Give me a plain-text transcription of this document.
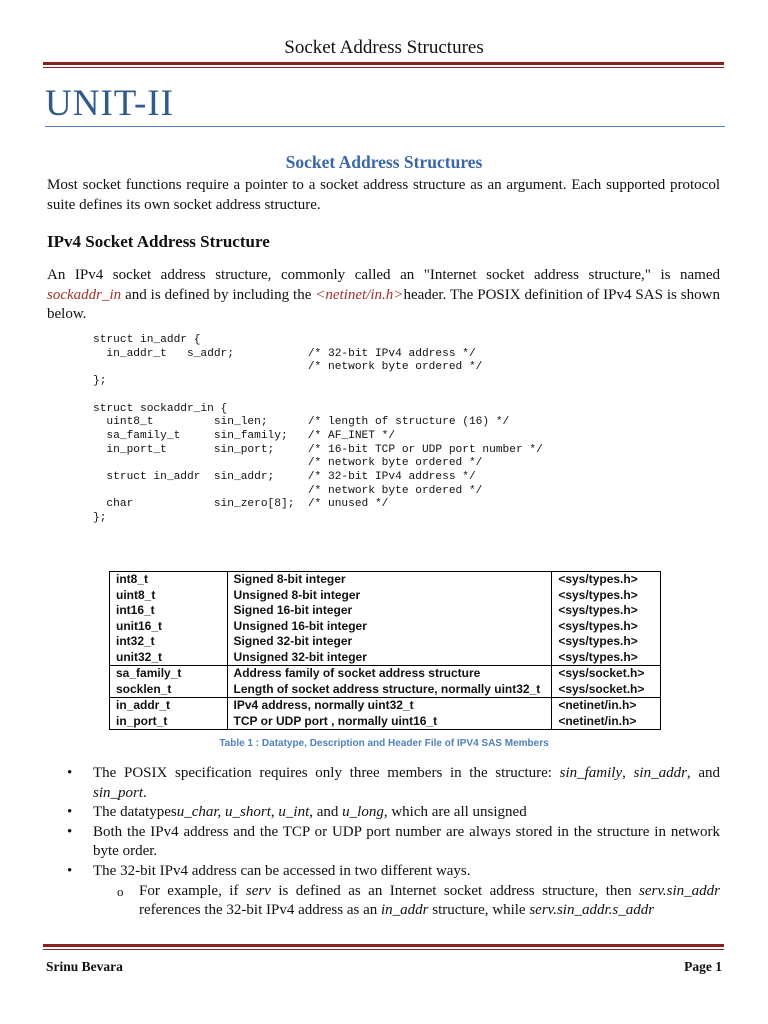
Socket Address Structures
UNIT-II
Socket Address Structures
Most socket functions require a pointer to a socket address structure as an argument. Each supported protocol suite defines its own socket address structure.
IPv4 Socket Address Structure
An IPv4 socket address structure, commonly called an "Internet socket address structure," is named sockaddr_in and is defined by including the <netinet/in.h>header. The POSIX definition of IPv4 SAS is shown below.
struct in_addr {
in_addr_t   s_addr;           /* 32-bit IPv4 address */
/* network byte ordered */
};

struct sockaddr_in {
uint8_t         sin_len;      /* length of structure (16) */
sa_family_t     sin_family;   /* AF_INET */
in_port_t       sin_port;     /* 16-bit TCP or UDP port number */
/* network byte ordered */
struct in_addr  sin_addr;     /* 32-bit IPv4 address */
/* network byte ordered */
char            sin_zero[8];  /* unused */
};
int8_t	Signed 8-bit integer	<sys/types.h>
uint8_t	Unsigned 8-bit integer	<sys/types.h>
int16_t	Signed 16-bit integer	<sys/types.h>
unit16_t	Unsigned 16-bit integer	<sys/types.h>
int32_t	Signed 32-bit integer	<sys/types.h>
unit32_t	Unsigned 32-bit integer	<sys/types.h>
sa_family_t	Address family of socket address structure	<sys/socket.h>
socklen_t	Length of socket address structure, normally uint32_t	<sys/socket.h>
in_addr_t	IPv4 address, normally uint32_t	<netinet/in.h>
in_port_t	TCP or UDP port , normally uint16_t	<netinet/in.h>
Table 1 : Datatype, Description and Header File of IPV4 SAS Members
• The POSIX specification requires only three members in the structure: sin_family, sin_addr, and sin_port.
• The datatypesu_char, u_short, u_int, and u_long, which are all unsigned
• Both the IPv4 address and the TCP or UDP port number are always stored in the structure in network byte order.
• The 32-bit IPv4 address can be accessed in two different ways.
o For example, if serv is defined as an Internet socket address structure, then serv.sin_addr references the 32-bit IPv4 address as an in_addr structure, while serv.sin_addr.s_addr
Srinu Bevara	Page 1
